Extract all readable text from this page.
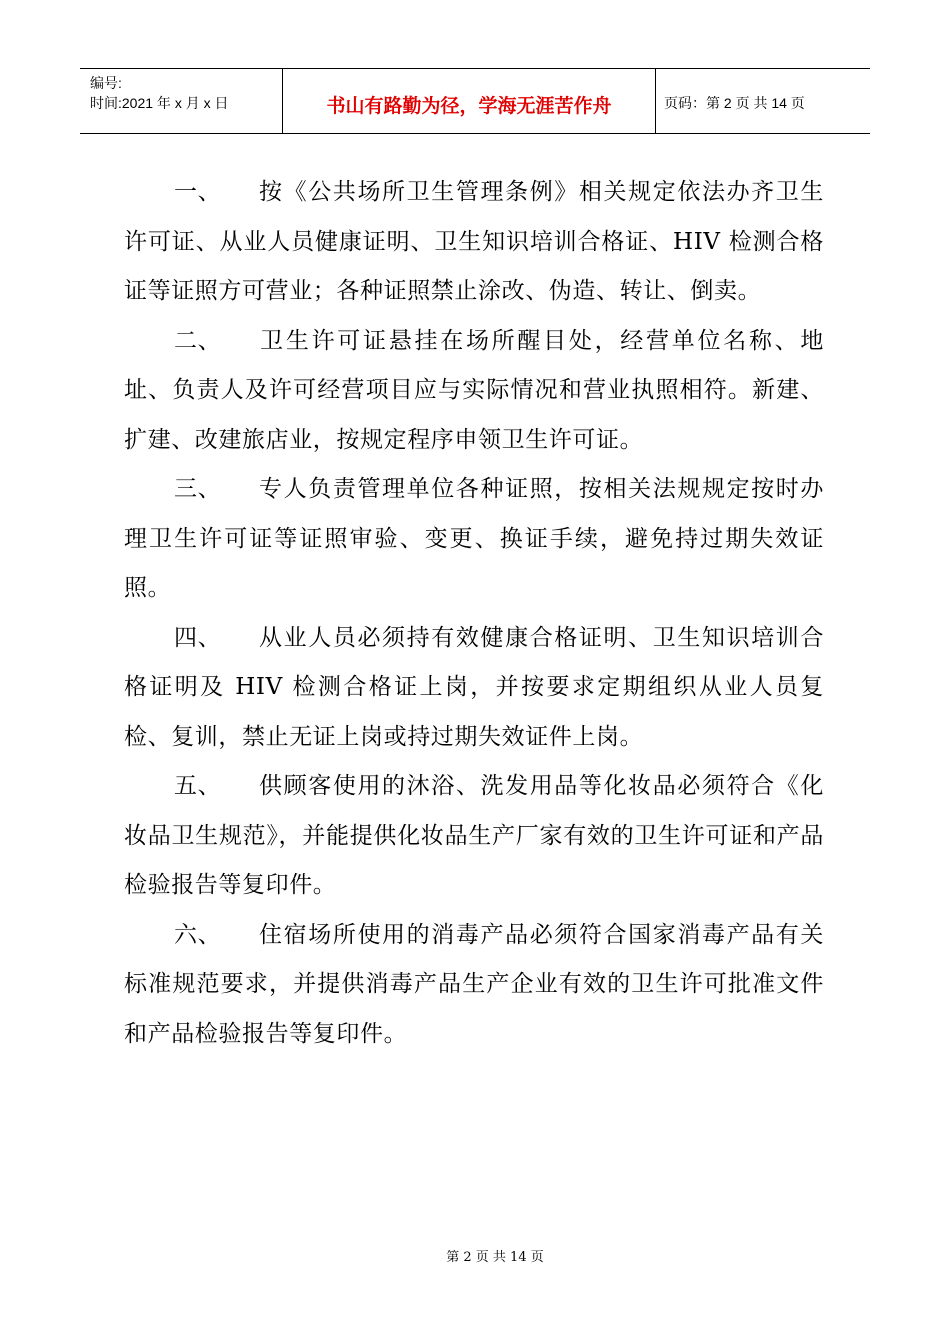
编号:
时间:2021 年 x 月 x 日	书山有路勤为径，学海无涯苦作舟	页码：第 2 页 共 14 页

一、 按《公共场所卫生管理条例》相关规定依法办齐卫生许可证、从业人员健康证明、卫生知识培训合格证、HIV 检测合格证等证照方可营业；各种证照禁止涂改、伪造、转让、倒卖。

二、 卫生许可证悬挂在场所醒目处，经营单位名称、地址、负责人及许可经营项目应与实际情况和营业执照相符。新建、扩建、改建旅店业，按规定程序申领卫生许可证。

三、 专人负责管理单位各种证照，按相关法规规定按时办理卫生许可证等证照审验、变更、换证手续，避免持过期失效证照。

四、 从业人员必须持有效健康合格证明、卫生知识培训合格证明及 HIV 检测合格证上岗，并按要求定期组织从业人员复检、复训，禁止无证上岗或持过期失效证件上岗。

五、 供顾客使用的沐浴、洗发用品等化妆品必须符合《化妆品卫生规范》，并能提供化妆品生产厂家有效的卫生许可证和产品检验报告等复印件。

六、 住宿场所使用的消毒产品必须符合国家消毒产品有关标准规范要求，并提供消毒产品生产企业有效的卫生许可批准文件和产品检验报告等复印件。

第 2 页 共 14 页
